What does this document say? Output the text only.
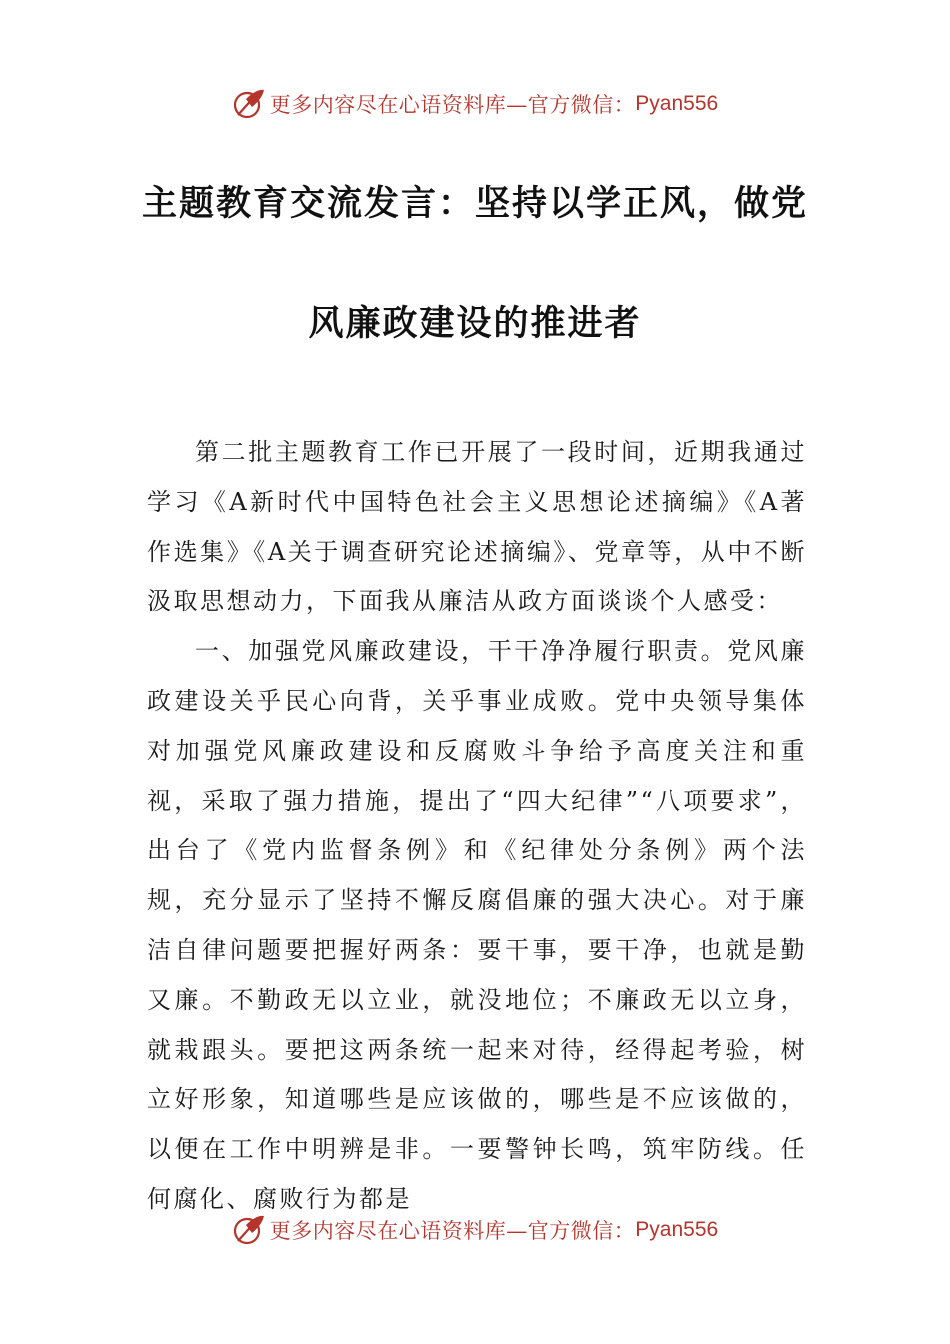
更多内容尽在心语资料库—官方微信： Pyan556
主题教育交流发言：坚持以学正风，做党
风廉政建设的推进者

第二批主题教育工作已开展了一段时间，近期我通过学习《A新时代中国特色社会主义思想论述摘编》《A著作选集》《A关于调查研究论述摘编》、党章等，从中不断汲取思想动力，下面我从廉洁从政方面谈谈个人感受：

一、加强党风廉政建设，干干净净履行职责。党风廉政建设关乎民心向背，关乎事业成败。党中央领导集体对加强党风廉政建设和反腐败斗争给予高度关注和重视，采取了强力措施，提出了“四大纪律”“八项要求”，出台了《党内监督条例》和《纪律处分条例》两个法规，充分显示了坚持不懈反腐倡廉的强大决心。对于廉洁自律问题要把握好两条：要干事，要干净，也就是勤又廉。不勤政无以立业，就没地位；不廉政无以立身，就栽跟头。要把这两条统一起来对待，经得起考验，树立好形象，知道哪些是应该做的，哪些是不应该做的，以便在工作中明辨是非。一要警钟长鸣，筑牢防线。任何腐化、腐败行为都是

更多内容尽在心语资料库—官方微信： Pyan556
